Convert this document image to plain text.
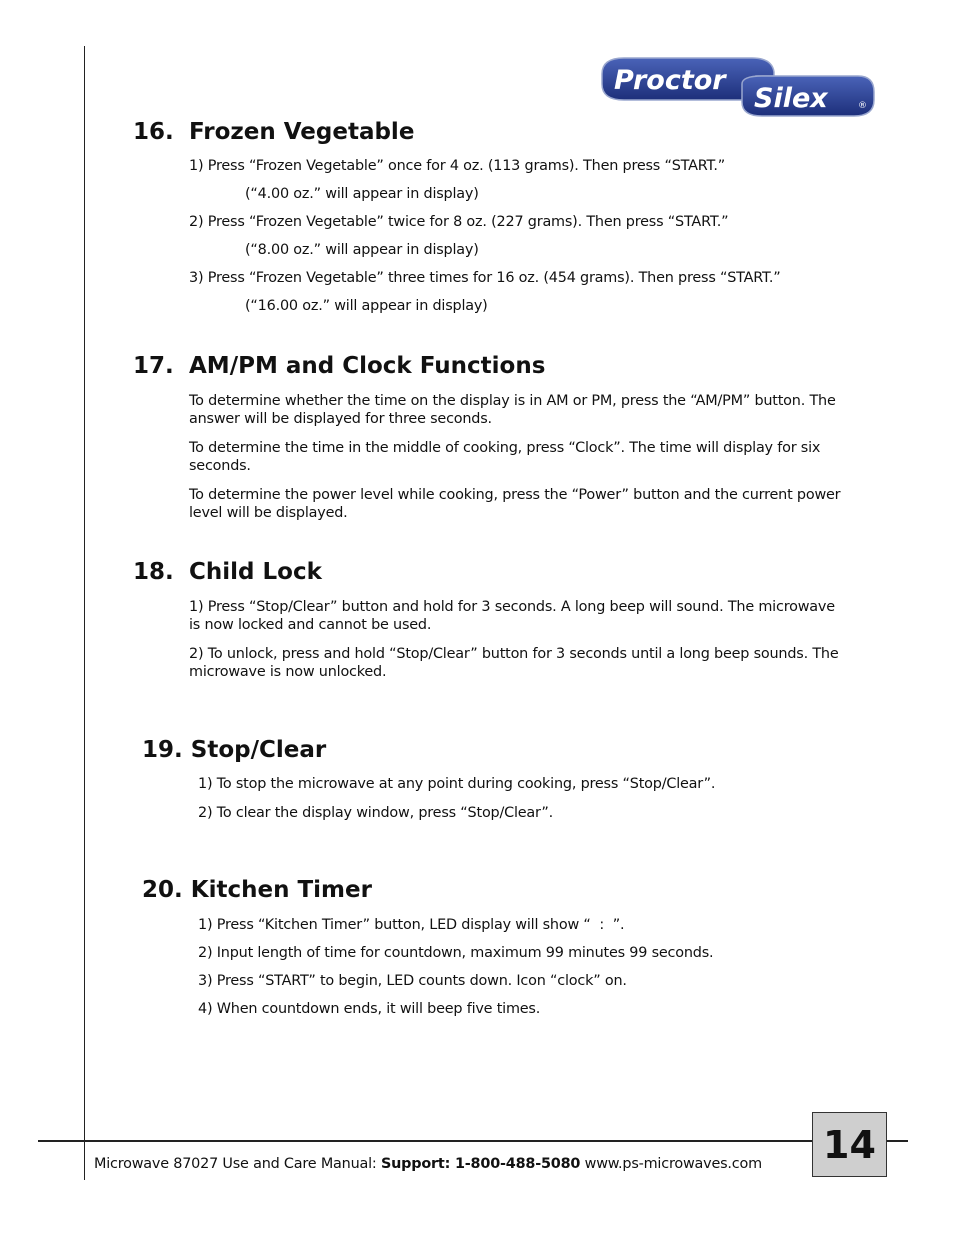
Proctor
Silex	®
16. Frozen Vegetable
1) Press “Frozen Vegetable” once for 4 oz. (113 grams). Then press “START.”
(“4.00 oz.” will appear in display)
2) Press “Frozen Vegetable” twice for 8 oz. (227 grams). Then press “START.”
(“8.00 oz.” will appear in display)
3) Press “Frozen Vegetable” three times for 16 oz. (454 grams). Then press “START.”
(“16.00 oz.” will appear in display)
17. AM/PM and Clock Functions
To determine whether the time on the display is in AM or PM, press the “AM/PM” button. The answer will be displayed for three seconds.
To determine the time in the middle of cooking, press “Clock”. The time will display for six seconds.
To determine the power level while cooking, press the “Power” button and the current power level will be displayed.
18. Child Lock
1) Press “Stop/Clear” button and hold for 3 seconds. A long beep will sound. The microwave is now locked and cannot be used.
2) To unlock, press and hold “Stop/Clear” button for 3 seconds until a long beep sounds. The microwave is now unlocked.
19. Stop/Clear
1) To stop the microwave at any point during cooking, press “Stop/Clear”.
2) To clear the display window, press “Stop/Clear”.
20. Kitchen Timer
1) Press “Kitchen Timer” button, LED display will show “  :  ”.
2) Input length of time for countdown, maximum 99 minutes 99 seconds.
3) Press “START” to begin, LED counts down. Icon “clock” on.
4) When countdown ends, it will beep five times.
Microwave 87027 Use and Care Manual: Support: 1-800-488-5080 www.ps-microwaves.com 14
